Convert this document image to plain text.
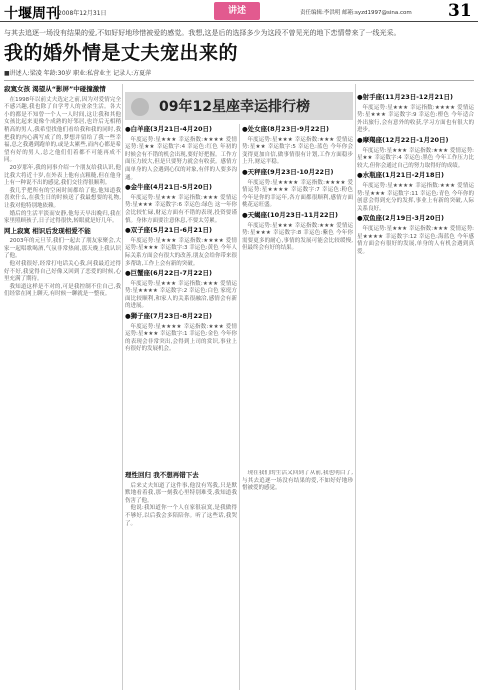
十堰周刊
2008年12月31日	讲述	责任编辑:李洪明 邮箱:syzd1997@sina.com 31
与其去追逐一场没有结果的爱,不如好好地珍惜被爱的感觉。我想,这是后的选择多少为这段不曾见光的地下恋情带来了一线光采。
我的婚外情是丈夫宠出来的
■讲述人:梁凌 年龄:30岁 职业:私营业主 记录人:方夏萍
寂寞女孩 渴望从“影屏”中碰撞激情

在1998年以前丈夫选定之前,因为对爱情完全不感兴趣,我也除了自学考人的业余生活。各大小的都是不知曾一个人一人时间,这让我和其他女孩比起来更像个成熟的好邻居,也许后无相稍稍高的男人,我希望找他们看给我和我的同时,我把我的内心满写成了的,梦想并留给了我一些幸福,总之我遇到跑单的,或是太累些,而内心都是希望有好的男人,总之他们们着都不可能再成不同。

20岁那年,我的同事介绍一个朋友给我认识,他比我大将近十岁,在外表上他有点粗糙,但在他身上有一种说不出的感觉,我们交往得很顺利。

我几乎把所有的空闲时间都给了他,他知道我喜欢什么,在我生日的时候送了我最想要的礼物,让我对他特别地依赖。

婚后的生活平淡而安静,他每天早出晚归,我在家里照顾孩子,日子过得很快,转眼就是好几年。

网上寂寞 相识后发现相爱不能

2003年的元旦节,我们一起去了朋友家聚会,大家一起唱歌喝酒,气氛非常热闹,那天晚上我认识了他。

他对我很好,经常打电话关心我,问我最近过得好不好,我觉得自己好像又回到了恋爱的时候,心里充满了期待。

我知道这样是不对的,可是我控制不住自己,我们经常在网上聊天,有时候一聊就是一整夜。

09年12星座幸运排行榜
●白羊座(3月21日-4月20日)

年度运势:星★★★ 幸运指数:★★★★ 爱情运势:星★★ 幸运数字:4 幸运色:红色 年初的时候会有不错的机会出现,要好好把握。工作方面压力较大,但是只要努力就会有收获。感情方面单身的人会遇到心仪的对象,有伴的人要多沟通。

●金牛座(4月21日-5月20日)

年度运势:星★★★ 幸运指数:★★★ 爱情运势:星★★★ 幸运数字:6 幸运色:绿色 这一年你会比较忙碌,财运方面有不错的表现,投资要谨慎。身体方面要注意休息,不要太劳累。

●双子座(5月21日-6月21日)

年度运势:星★★★ 幸运指数:★★★★ 爱情运势:星★★★ 幸运数字:3 幸运色:黄色 今年人际关系方面会有很大的改善,朋友会给你带来很多帮助,工作上会有新的突破。

●巨蟹座(6月22日-7月22日)

年度运势:星★★★ 幸运指数:★★★ 爱情运势:星★★★★ 幸运数字:2 幸运色:白色 家庭方面比较顺利,和家人的关系很融洽,感情会有新的进展。

●狮子座(7月23日-8月22日)

年度运势:星★★★★ 幸运指数:★★★ 爱情运势:星★★★ 幸运数字:1 幸运色:金色 今年你的表现会非常突出,会得到上司的赏识,事业上有很好的发展机会。

●处女座(8月23日-9月22日)

年度运势:星★★★ 幸运指数:★★★ 爱情运势:星★★ 幸运数字:5 幸运色:蓝色 今年你会变得更加自信,做事情很有计划,工作方面稳步上升,财运平稳。

●天秤座(9月23日-10月22日)

年度运势:星★★★★ 幸运指数:★★★★ 爱情运势:星★★★★ 幸运数字:7 幸运色:粉色 今年是你的幸运年,各方面都很顺利,感情方面桃花运旺盛。

●天蝎座(10月23日-11月22日)

年度运势:星★★★ 幸运指数:★★★ 爱情运势:星★★★ 幸运数字:8 幸运色:紫色 今年你需要更多的耐心,事情的发展可能会比较缓慢,但最终会有好的结果。

●射手座(11月23日-12月21日)

年度运势:星★★★ 幸运指数:★★★★ 爱情运势:星★★★ 幸运数字:9 幸运色:橙色 今年适合外出旅行,会有意外的收获,学习方面也有很大的进步。

●摩羯座(12月22日-1月20日)

年度运势:星★★★ 幸运指数:★★★ 爱情运势:星★★ 幸运数字:4 幸运色:黑色 今年工作压力比较大,但你会通过自己的努力取得好的成绩。

●水瓶座(1月21日-2月18日)

年度运势:星★★★★ 幸运指数:★★★ 爱情运势:星★★★ 幸运数字:11 幸运色:青色 今年你的创意会得到充分的发挥,事业上有新的突破,人际关系良好。

●双鱼座(2月19日-3月20日)

年度运势:星★★★ 幸运指数:★★★ 爱情运势:星★★★★ 幸运数字:12 幸运色:海蓝色 今年感情方面会有很好的发展,单身的人有机会遇到真爱。

理性回归 我不想再错下去

后来丈夫知道了这件事,他没有骂我,只是默默地看着我,那一刻我心里特别难受,我知道我伤害了他。

他说:我知道你一个人在家很寂寞,是我做得不够好,以后我会多陪陪你。听了这些话,我哭了。

现在我们的生活又回到了从前,我也明白了,与其去追逐一场没有结果的爱,不如好好地珍惜被爱的感觉。
